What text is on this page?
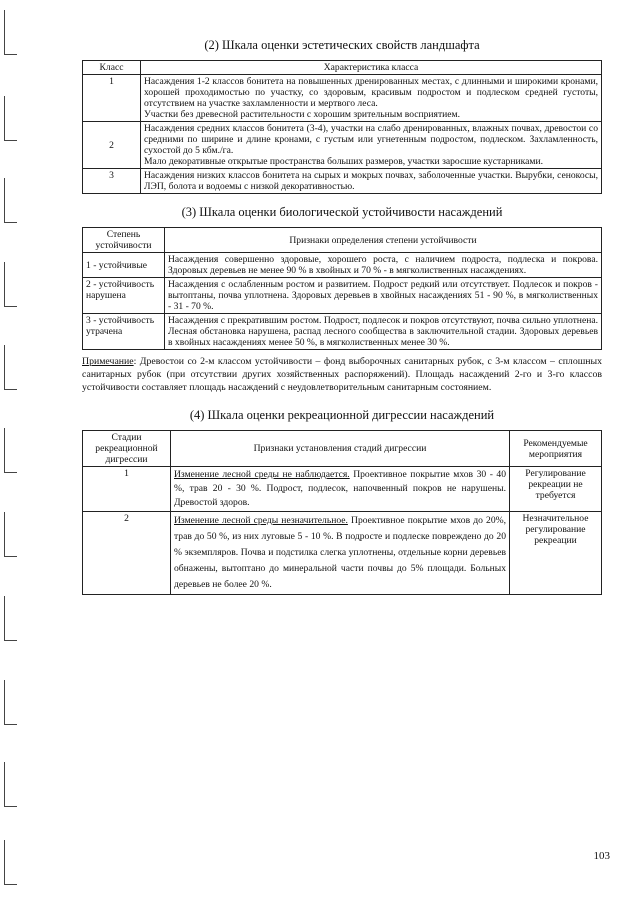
(2) Шкала оценки эстетических свойств ландшафта

Класс	Характеристика класса
1	Насаждения 1-2 классов бонитета на повышенных дренированных местах, с длинными и широкими кронами, хорошей проходимостью по участку, со здоровым, красивым подростом и подлеском средней густоты, отсутствием на участке захламленности и мертвого леса.

Участки без древесной растительности с хорошим зрительным восприятием.

2	Насаждения средних классов бонитета (3-4), участки на слабо дренированных, влажных почвах, древостои со средними по ширине и длине кронами, с густым или угнетенным подростом, подлеском. Захламленность, сухостой до 5 кбм./га.

Мало декоративные открытые пространства больших размеров, участки заросшие кустарниками.

3	Насаждения низких классов бонитета на сырых и мокрых почвах, заболоченные участки. Вырубки, сенокосы, ЛЭП, болота и водоемы с низкой декоративностью.

(3) Шкала оценки биологической устойчивости насаждений

Степень устойчивости	Признаки определения степени устойчивости
1 - устойчивые	Насаждения совершенно здоровые, хорошего роста, с наличием подроста, подлеска и покрова. Здоровых деревьев не менее 90 % в хвойных и 70 % - в мягколиственных насаждениях.
2 - устойчивость нарушена	Насаждения с ослабленным ростом и развитием. Подрост редкий или отсутствует. Подлесок и покров - вытоптаны, почва уплотнена. Здоровых деревьев в хвойных насаждениях 51 - 90 %, в мягколиственных - 31 - 70 %.
3 - устойчивость утрачена	Насаждения с прекратившим ростом. Подрост, подлесок и покров отсутствуют, почва сильно уплотнена. Лесная обстановка нарушена, распад лесного сообщества в заключительной стадии. Здоровых деревьев в хвойных насаждениях менее 50 %, в мягколиственных менее 30 %.

Примечание: Древостои со 2-м классом устойчивости – фонд выборочных санитарных рубок, с 3-м классом – сплошных санитарных рубок (при отсутствии других хозяйственных распоряжений). Площадь насаждений 2-го и 3-го классов устойчивости составляет площадь насаждений с неудовлетворительным санитарным состоянием.

(4) Шкала оценки рекреационной дигрессии насаждений

Стадии рекреационной дигрессии	Признаки установления стадий дигрессии	Рекомендуемые мероприятия
1	Изменение лесной среды не наблюдается. Проективное покрытие мхов 30 - 40 %, трав 20 - 30 %. Подрост, подлесок, напочвенный покров не нарушены. Древостой здоров.	Регулирование рекреации не требуется
2	Изменение лесной среды незначительное. Проективное покрытие мхов до 20%, трав до 50 %, из них луговые 5 - 10 %. В подросте и подлеске повреждено до 20 % экземпляров. Почва и подстилка слегка уплотнены, отдельные корни деревьев обнажены, вытоптано до минеральной части почвы до 5% площади. Больных деревьев не более 20 %.	Незначительное регулирование рекреации
103
